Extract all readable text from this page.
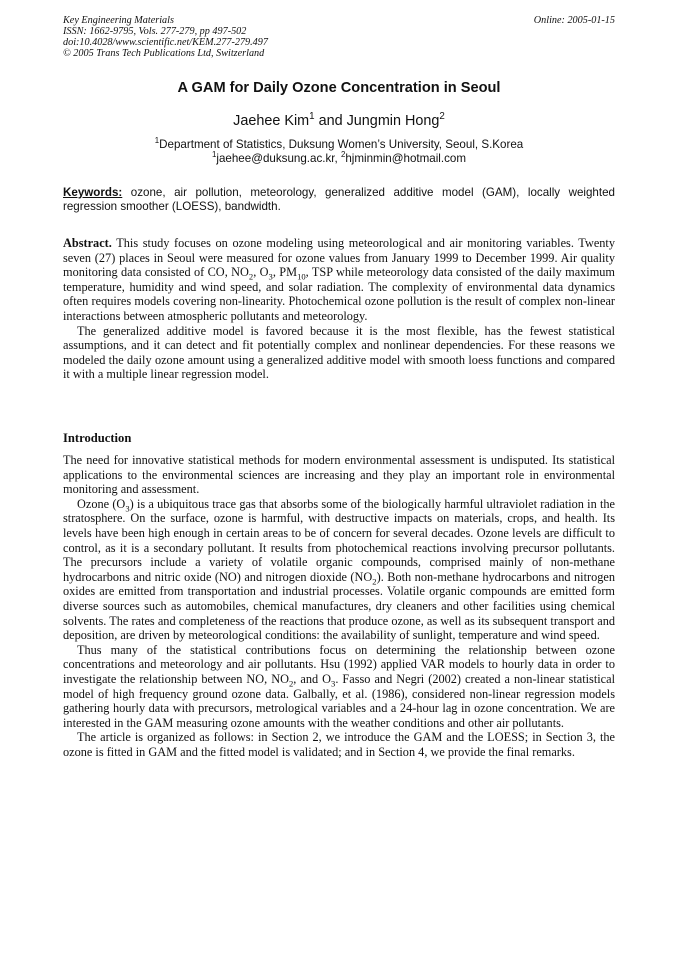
Key Engineering Materials
ISSN: 1662-9795, Vols. 277-279, pp 497-502
doi:10.4028/www.scientific.net/KEM.277-279.497
© 2005 Trans Tech Publications Ltd, Switzerland
Online: 2005-01-15
A GAM for Daily Ozone Concentration in Seoul
Jaehee Kim$^1$ and Jungmin Hong$^2$
$^1$Department of Statistics, Duksung Women’s University, Seoul, S.Korea
$^1$jaehee@duksung.ac.kr, $^2$hjminmin@hotmail.com
Keywords: ozone, air pollution, meteorology, generalized additive model (GAM), locally weighted regression smoother (LOESS), bandwidth.

Abstract. This study focuses on ozone modeling using meteorological and air monitoring variables. Twenty seven (27) places in Seoul were measured for ozone values from January 1999 to December 1999. Air quality monitoring data consisted of CO, $NO_2$, $O_3$, $PM_{10}$, TSP while meteorology data consisted of the daily maximum temperature, humidity and wind speed, and solar radiation. The complexity of environmental data dynamics often requires models covering non-linearity. Photochemical ozone pollution is the result of complex non-linear interactions between atmospheric pollutants and meteorology.

The generalized additive model is favored because it is the most flexible, has the fewest statistical assumptions, and it can detect and fit potentially complex and nonlinear dependencies. For these reasons we modeled the daily ozone amount using a generalized additive model with smooth loess functions and compared it with a multiple linear regression model.

Introduction

The need for innovative statistical methods for modern environmental assessment is undisputed. Its statistical applications to the environmental sciences are increasing and they play an important role in environmental monitoring and assessment.

Ozone $(O_3)$ is a ubiquitous trace gas that absorbs some of the biologically harmful ultraviolet radiation in the stratosphere. On the surface, ozone is harmful, with destructive impacts on materials, crops, and health. Its levels have been high enough in certain areas to be of concern for several decades. Ozone levels are difficult to control, as it is a secondary pollutant. It results from photochemical reactions involving precursor pollutants. The precursors include a variety of volatile organic compounds, comprised mainly of non-methane hydrocarbons and nitric oxide (NO) and nitrogen dioxide $(NO_2)$. Both non-methane hydrocarbons and nitrogen oxides are emitted from transportation and industrial processes. Volatile organic compounds are emitted form diverse sources such as automobiles, chemical manufactures, dry cleaners and other facilities using chemical solvents. The rates and completeness of the reactions that produce ozone, as well as its subsequent transport and deposition, are driven by meteorological conditions: the availability of sunlight, temperature and wind speed.

Thus many of the statistical contributions focus on determining the relationship between ozone concentrations and meteorology and air pollutants. Hsu (1992) applied VAR models to hourly data in order to investigate the relationship between NO, $NO_2$, and $O_3$. Fasso and Negri (2002) created a non-linear statistical model of high frequency ground ozone data. Galbally, et al. (1986), considered non-linear regression models gathering hourly data with precursors, metrological variables and a 24-hour lag in ozone concentration. We are interested in the GAM measuring ozone amounts with the weather conditions and other air pollutants.

The article is organized as follows: in Section 2, we introduce the GAM and the LOESS; in Section 3, the ozone is fitted in GAM and the fitted model is validated; and in Section 4, we provide the final remarks.
